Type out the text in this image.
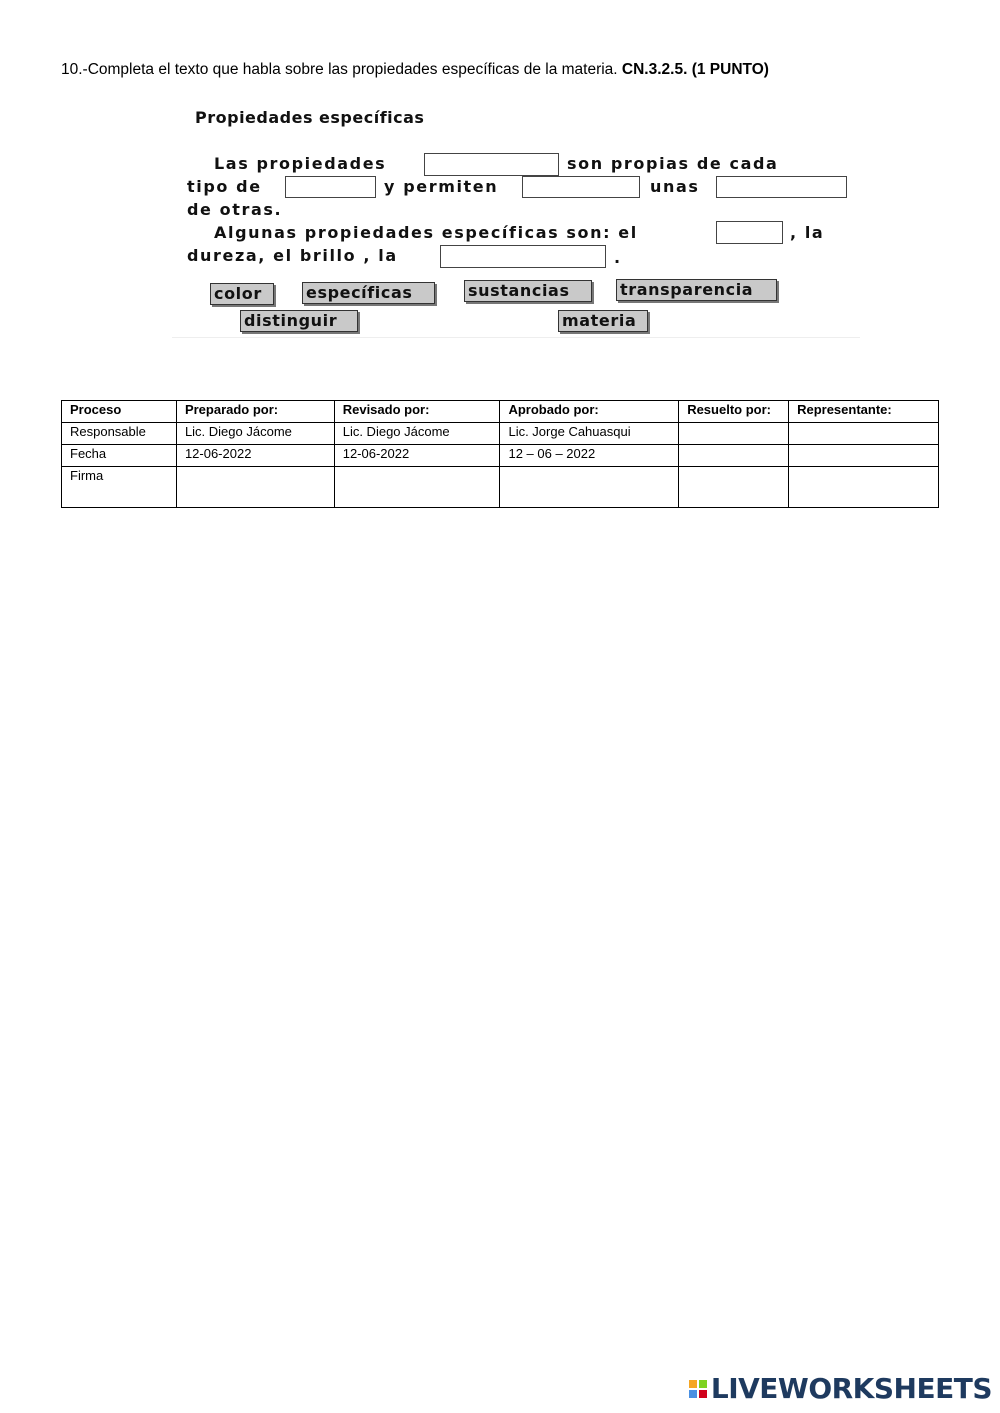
10.-Completa el texto que habla sobre las propiedades específicas de la materia. CN.3.2.5. (1 PUNTO)
Propiedades específicas
Las propiedades	son propias de cada
tipo de	y permiten	unas
de otras.
Algunas propiedades específicas son: el	, la
dureza, el brillo , la	.
color	específicas	sustancias	transparencia
distinguir	materia
Proceso	Preparado por:	Revisado por:	Aprobado por:	Resuelto por:	Representante:
Responsable	Lic. Diego Jácome	Lic. Diego Jácome	Lic. Jorge Cahuasqui		
Fecha	12-06-2022	12-06-2022	12 – 06 – 2022		
Firma					
LIVEWORKSHEETS
